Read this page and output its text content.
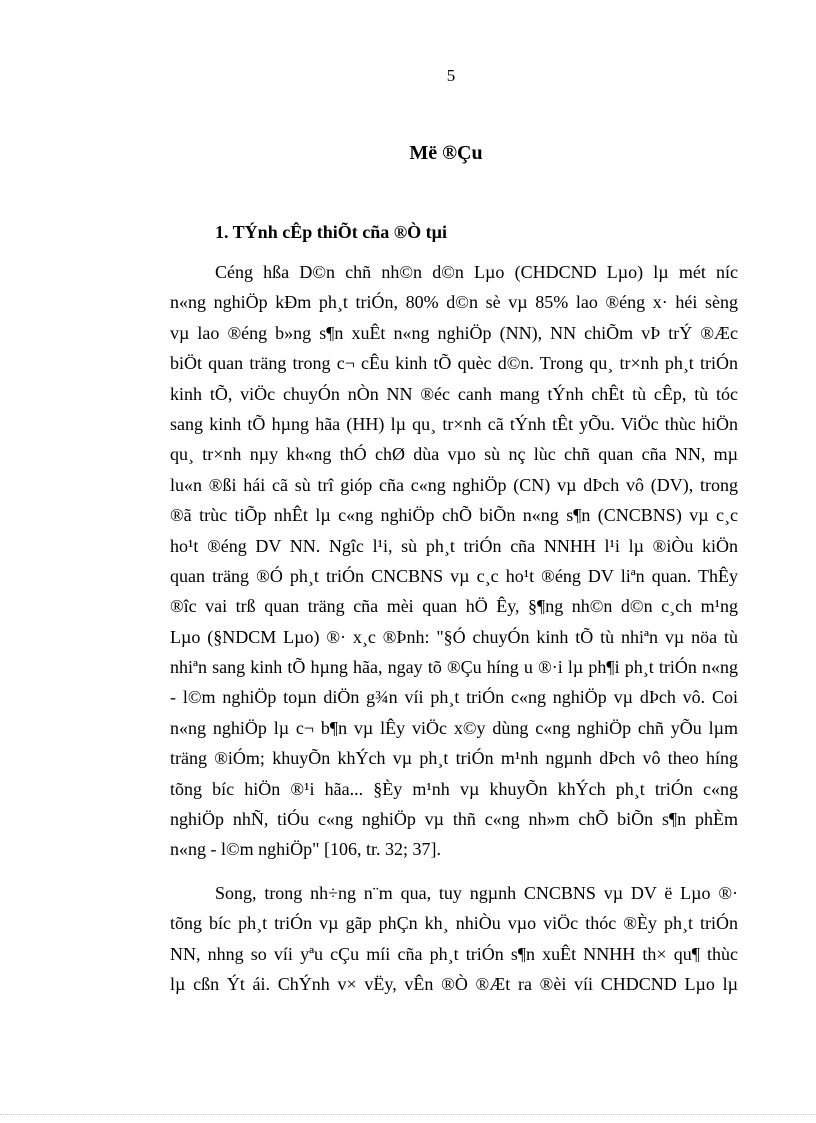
5
Më ®Çu
1. TÝnh cÊp thiÕt cña ®Ò tµi
Céng hßa D©n chñ nh©n d©n Lµo (CHDCND Lµo) lµ mét níc
n«ng nghiÖp kÐm ph¸t triÓn, 80% d©n sè vµ 85% lao ®éng x· héi sèng
vµ lao ®éng b»ng s¶n xuÊt n«ng nghiÖp (NN), NN chiÕm vÞ trÝ ®Æc
biÖt quan träng trong c¬ cÊu kinh tÕ quèc d©n. Trong qu¸ tr×nh ph¸t triÓn
kinh tÕ, viÖc chuyÓn nÒn NN ®éc canh mang tÝnh chÊt tù cÊp, tù tóc
sang kinh tÕ hµng hãa (HH) lµ qu¸ tr×nh cã tÝnh tÊt yÕu. ViÖc thùc hiÖn
qu¸ tr×nh nµy kh«ng thÓ chØ dùa vµo sù nç lùc chñ quan cña NN, mµ
lu«n ®ßi hái cã sù trî gióp cña c«ng nghiÖp (CN) vµ dÞch vô (DV), trong
®ã trùc tiÕp nhÊt lµ c«ng nghiÖp chÕ biÕn n«ng s¶n (CNCBNS) vµ c¸c
ho¹t ®éng DV NN. Ngîc l¹i, sù ph¸t triÓn cña NNHH l¹i lµ ®iÒu kiÖn
quan träng ®Ó ph¸t triÓn CNCBNS vµ c¸c ho¹t ®éng DV liªn quan. ThÊy
®îc vai trß quan träng cña mèi quan hÖ Êy, §¶ng nh©n d©n c¸ch m¹ng
Lµo (§NDCM Lµo) ®· x¸c ®Þnh: "§Ó chuyÓn kinh tÕ tù nhiªn vµ nöa tù
nhiªn sang kinh tÕ hµng hãa, ngay tõ ®Çu híng u ®·i lµ ph¶i ph¸t triÓn n«ng
- l©m nghiÖp toµn diÖn g¾n víi ph¸t triÓn c«ng nghiÖp vµ dÞch vô. Coi
n«ng nghiÖp lµ c¬ b¶n vµ lÊy viÖc x©y dùng c«ng nghiÖp chñ yÕu lµm
träng ®iÓm; khuyÕn khÝch vµ ph¸t triÓn m¹nh ngµnh dÞch vô theo híng
tõng bíc hiÖn ®¹i hãa... §Èy m¹nh vµ khuyÕn khÝch ph¸t triÓn c«ng
nghiÖp nhÑ, tiÓu c«ng nghiÖp vµ thñ c«ng nh»m chÕ biÕn s¶n phÈm
n«ng - l©m nghiÖp" [106, tr. 32; 37].
Song, trong nh÷ng n¨m qua, tuy ngµnh CNCBNS vµ DV ë Lµo ®·
tõng bíc ph¸t triÓn vµ gãp phÇn kh¸ nhiÒu vµo viÖc thóc ®Èy ph¸t triÓn
NN, nhng so víi yªu cÇu míi cña ph¸t triÓn s¶n xuÊt NNHH th× qu¶ thùc
lµ cßn Ýt ái. ChÝnh v× vËy, vÊn ®Ò ®Æt ra ®èi víi CHDCND Lµo lµ
